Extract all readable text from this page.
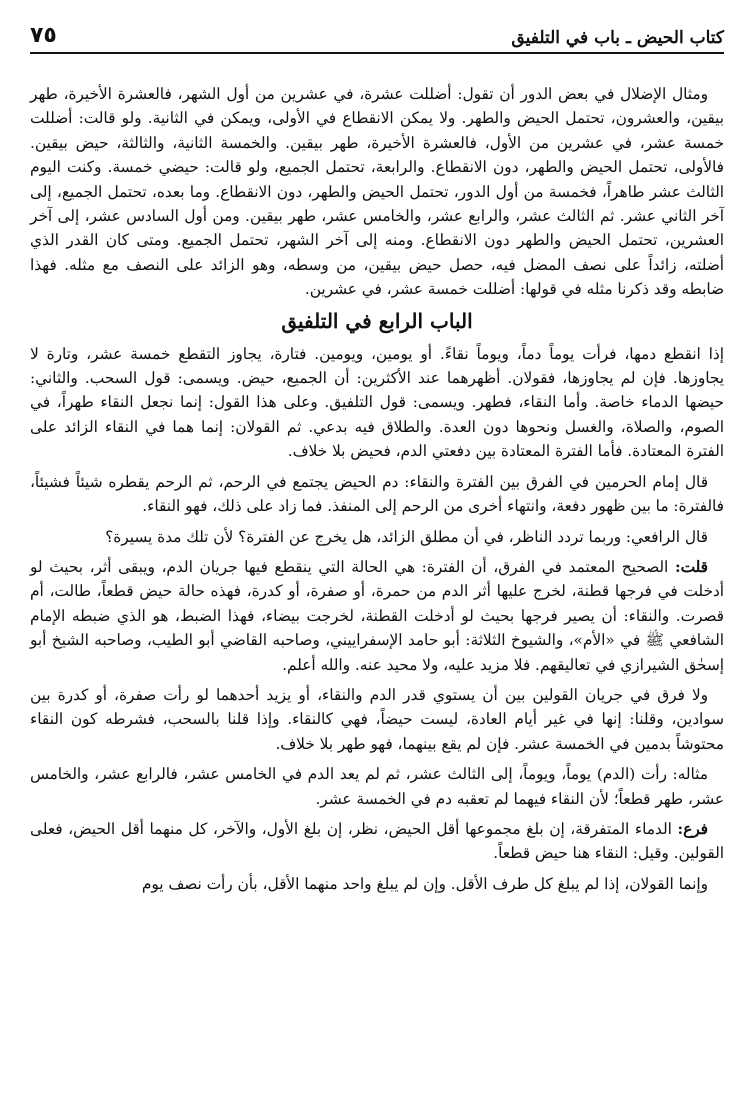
كتاب الحيض ـ باب في التلفيق
٧٥

ومثال الإضلال في بعض الدور أن تقول: أضللت عشرة، في عشرين من أول الشهر، فالعشرة الأخيرة، طهر بيقين، والعشرون، تحتمل الحيض والطهر. ولا يمكن الانقطاع في الأولى، ويمكن في الثانية. ولو قالت: أضللت خمسة عشر، في عشرين من الأول، فالعشرة الأخيرة، طهر بيقين. والخمسة الثانية، والثالثة، حيض بيقين. فالأولى، تحتمل الحيض والطهر، دون الانقطاع. والرابعة، تحتمل الجميع، ولو قالت: حيضي خمسة. وكنت اليوم الثالث عشر طاهراً، فخمسة من أول الدور، تحتمل الحيض والطهر، دون الانقطاع. وما بعده، تحتمل الجميع، إلى آخر الثاني عشر. ثم الثالث عشر، والرابع عشر، والخامس عشر، طهر بيقين. ومن أول السادس عشر، إلى آخر العشرين، تحتمل الحيض والطهر دون الانقطاع. ومنه إلى آخر الشهر، تحتمل الجميع. ومتى كان القدر الذي أضلته، زائداً على نصف المضل فيه، حصل حيض بيقين، من وسطه، وهو الزائد على النصف مع مثله. فهذا ضابطه وقد ذكرنا مثله في قولها: أضللت خمسة عشر، في عشرين.

الباب الرابع في التلفيق

إذا انقطع دمها، فرأت يوماً دماً، ويوماً نقاءً. أو يومين، ويومين. فتارة، يجاوز التقطع خمسة عشر، وتارة لا يجاوزها. فإن لم يجاوزها، فقولان. أظهرهما عند الأكثرين: أن الجميع، حيض. ويسمى: قول السحب. والثاني: حيضها الدماء خاصة. وأما النقاء، فطهر. ويسمى: قول التلفيق. وعلى هذا القول: إنما نجعل النقاء طهراً، في الصوم، والصلاة، والغسل ونحوها دون العدة. والطلاق فيه بدعي. ثم القولان: إنما هما في النقاء الزائد على الفترة المعتادة. فأما الفترة المعتادة بين دفعتي الدم، فحيض بلا خلاف.

قال إمام الحرمين في الفرق بين الفترة والنقاء: دم الحيض يجتمع في الرحم، ثم الرحم يقطره شيئاً فشيئاً، فالفترة: ما بين ظهور دفعة، وانتهاء أخرى من الرحم إلى المنفذ. فما زاد على ذلك، فهو النقاء.

قال الرافعي: وربما تردد الناظر، في أن مطلق الزائد، هل يخرج عن الفترة؟ لأن تلك مدة يسيرة؟

قلت: الصحيح المعتمد في الفرق، أن الفترة: هي الحالة التي ينقطع فيها جريان الدم، ويبقى أثر، بحيث لو أدخلت في فرجها قطنة، لخرج عليها أثر الدم من حمرة، أو صفرة، أو كدرة، فهذه حالة حيض قطعاً، طالت، أم قصرت. والنقاء: أن يصير فرجها بحيث لو أدخلت القطنة، لخرجت بيضاء، فهذا الضبط، هو الذي ضبطه الإمام الشافعي ﷺ في «الأم»، والشيوخ الثلاثة: أبو حامد الإسفراييني، وصاحبه القاضي أبو الطيب، وصاحبه الشيخ أبو إسحٰق الشيرازي في تعاليقهم. فلا مزيد عليه، ولا محيد عنه. والله أعلم.

ولا فرق في جريان القولين بين أن يستوي قدر الدم والنقاء، أو يزيد أحدهما لو رأت صفرة، أو كدرة بين سوادين، وقلنا: إنها في غير أيام العادة، ليست حيضاً، فهي كالنقاء. وإذا قلنا بالسحب، فشرطه كون النقاء محتوشاً بدمين في الخمسة عشر. فإن لم يقع بينهما، فهو طهر بلا خلاف.

مثاله: رأت (الدم) يوماً، ويوماً، إلى الثالث عشر، ثم لم يعد الدم في الخامس عشر، فالرابع عشر، والخامس عشر، طهر قطعاً؛ لأن النقاء فيهما لم تعقبه دم في الخمسة عشر.

فرع: الدماء المتفرقة، إن بلغ مجموعها أقل الحيض، نظر، إن بلغ الأول، والآخر، كل منهما أقل الحيض، فعلى القولين. وقيل: النقاء هنا حيض قطعاً.

وإنما القولان، إذا لم يبلغ كل طرف الأقل. وإن لم يبلغ واحد منهما الأقل، بأن رأت نصف يوم
